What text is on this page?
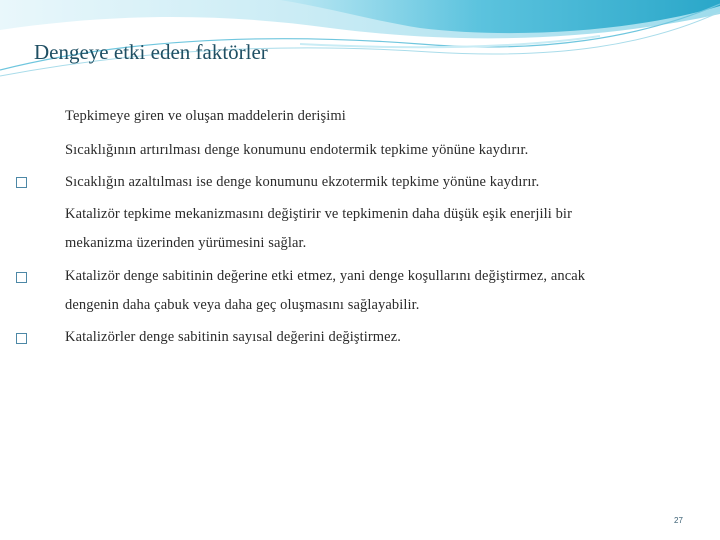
Dengeye etki eden faktörler
Tepkimeye giren ve oluşan maddelerin derişimi
Sıcaklığının artırılması denge konumunu endotermik tepkime yönüne kaydırır.
Sıcaklığın azaltılması ise denge konumunu ekzotermik tepkime yönüne kaydırır.
Katalizör tepkime mekanizmasını değiştirir ve tepkimenin daha düşük eşik enerjili bir
mekanizma üzerinden yürümesini sağlar.
Katalizör denge sabitinin değerine etki etmez, yani denge koşullarını değiştirmez, ancak
dengenin daha çabuk veya daha geç oluşmasını sağlayabilir.
Katalizörler denge sabitinin sayısal değerini değiştirmez.
27
